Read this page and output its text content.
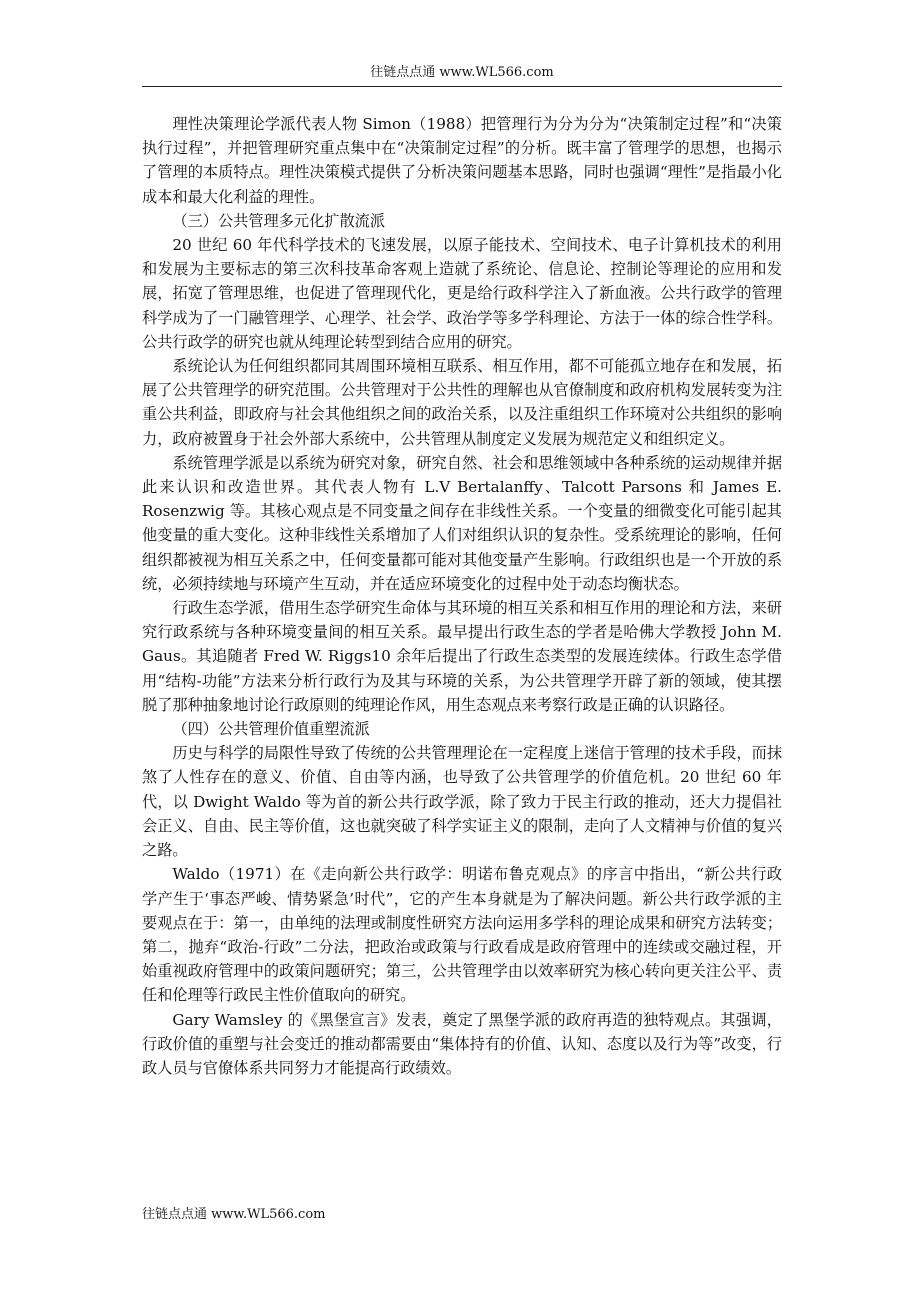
往链点点通 www.WL566.com

理性决策理论学派代表人物 Simon（1988）把管理行为分为分为“决策制定过程”和“决策执行过程”，并把管理研究重点集中在“决策制定过程”的分析。既丰富了管理学的思想，也揭示了管理的本质特点。理性决策模式提供了分析决策问题基本思路，同时也强调“理性”是指最小化成本和最大化利益的理性。

（三）公共管理多元化扩散流派

20 世纪 60 年代科学技术的飞速发展，以原子能技术、空间技术、电子计算机技术的利用和发展为主要标志的第三次科技革命客观上造就了系统论、信息论、控制论等理论的应用和发展，拓宽了管理思维，也促进了管理现代化，更是给行政科学注入了新血液。公共行政学的管理科学成为了一门融管理学、心理学、社会学、政治学等多学科理论、方法于一体的综合性学科。公共行政学的研究也就从纯理论转型到结合应用的研究。

系统论认为任何组织都同其周围环境相互联系、相互作用，都不可能孤立地存在和发展，拓展了公共管理学的研究范围。公共管理对于公共性的理解也从官僚制度和政府机构发展转变为注重公共利益，即政府与社会其他组织之间的政治关系，以及注重组织工作环境对公共组织的影响力，政府被置身于社会外部大系统中，公共管理从制度定义发展为规范定义和组织定义。

系统管理学派是以系统为研究对象，研究自然、社会和思维领域中各种系统的运动规律并据此来认识和改造世界。其代表人物有 L.V Bertalanffy、Talcott Parsons 和 James E. Rosenzwig 等。其核心观点是不同变量之间存在非线性关系。一个变量的细微变化可能引起其他变量的重大变化。这种非线性关系增加了人们对组织认识的复杂性。受系统理论的影响，任何组织都被视为相互关系之中，任何变量都可能对其他变量产生影响。行政组织也是一个开放的系统，必须持续地与环境产生互动，并在适应环境变化的过程中处于动态均衡状态。

行政生态学派，借用生态学研究生命体与其环境的相互关系和相互作用的理论和方法，来研究行政系统与各种环境变量间的相互关系。最早提出行政生态的学者是哈佛大学教授 John M. Gaus。其追随者 Fred W. Riggs10 余年后提出了行政生态类型的发展连续体。行政生态学借用“结构-功能”方法来分析行政行为及其与环境的关系，为公共管理学开辟了新的领域，使其摆脱了那种抽象地讨论行政原则的纯理论作风，用生态观点来考察行政是正确的认识路径。

（四）公共管理价值重塑流派

历史与科学的局限性导致了传统的公共管理理论在一定程度上迷信于管理的技术手段，而抹煞了人性存在的意义、价值、自由等内涵，也导致了公共管理学的价值危机。20 世纪 60 年代，以 Dwight Waldo 等为首的新公共行政学派，除了致力于民主行政的推动，还大力提倡社会正义、自由、民主等价值，这也就突破了科学实证主义的限制，走向了人文精神与价值的复兴之路。

Waldo（1971）在《走向新公共行政学：明诺布鲁克观点》的序言中指出，“新公共行政学产生于‘事态严峻、情势紧急’时代”，它的产生本身就是为了解决问题。新公共行政学派的主要观点在于：第一，由单纯的法理或制度性研究方法向运用多学科的理论成果和研究方法转变；第二，抛弃“政治-行政”二分法，把政治或政策与行政看成是政府管理中的连续或交融过程，开始重视政府管理中的政策问题研究；第三，公共管理学由以效率研究为核心转向更关注公平、责任和伦理等行政民主性价值取向的研究。

Gary Wamsley 的《黑堡宣言》发表，奠定了黑堡学派的政府再造的独特观点。其强调，行政价值的重塑与社会变迁的推动都需要由“集体持有的价值、认知、态度以及行为等”改变，行政人员与官僚体系共同努力才能提高行政绩效。

往链点点通 www.WL566.com
